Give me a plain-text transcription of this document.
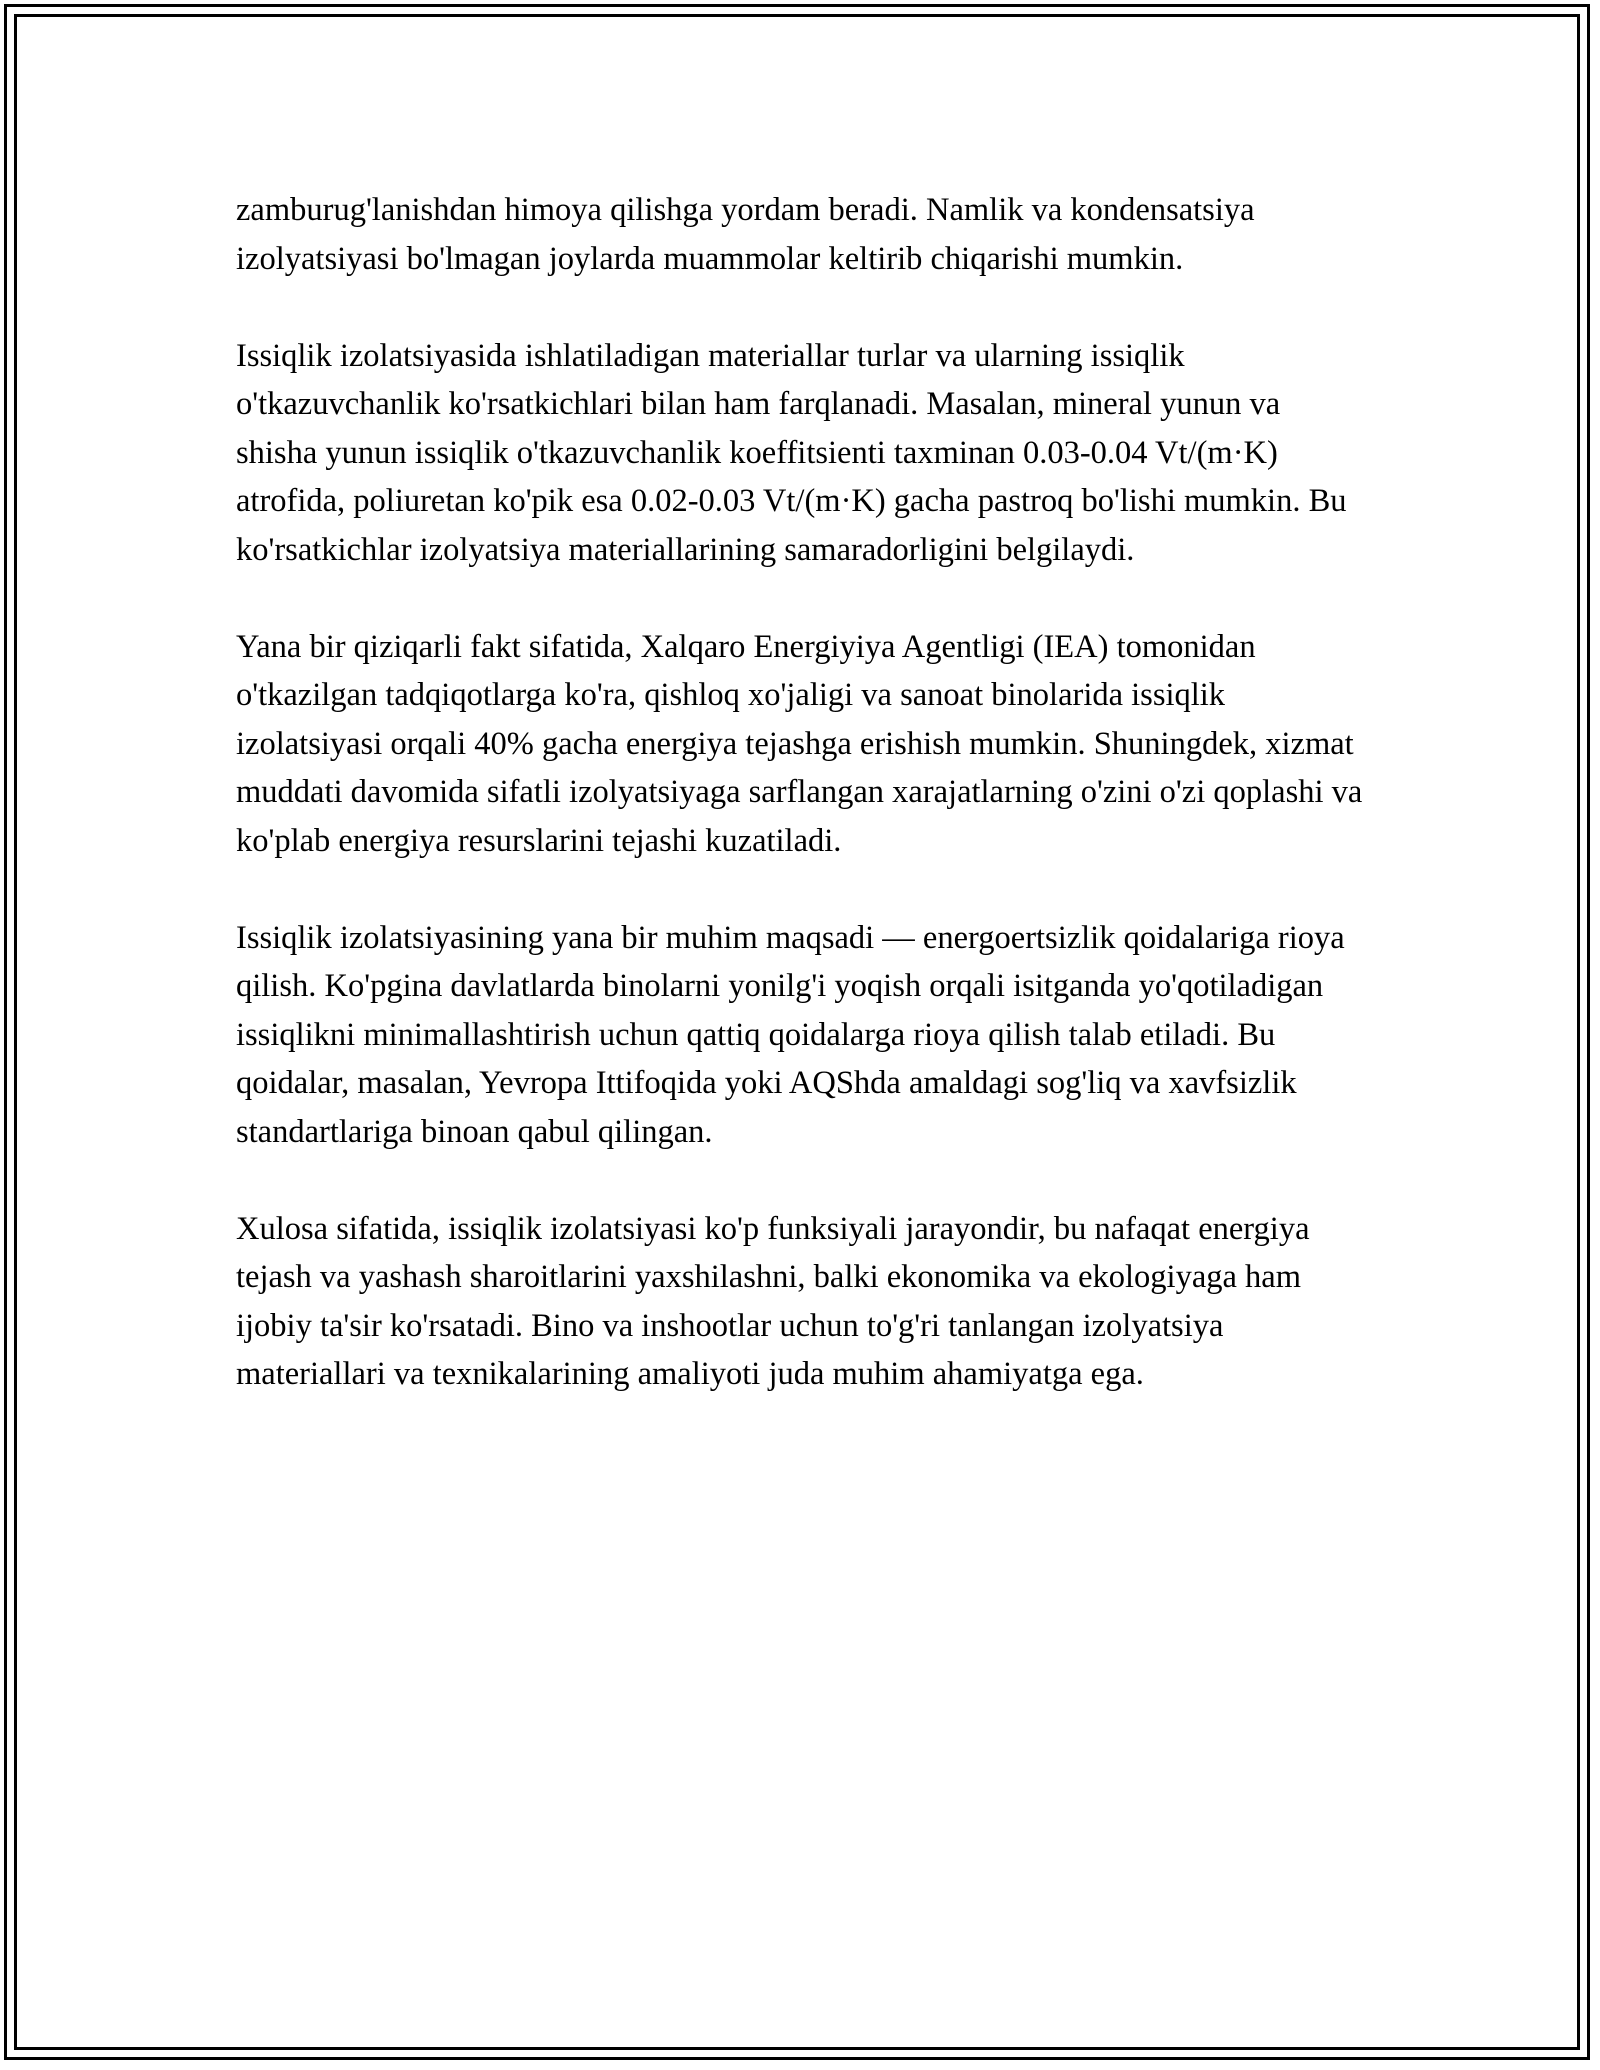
zamburug'lanishdan himoya qilishga yordam beradi. Namlik va kondensatsiya izolyatsiyasi bo'lmagan joylarda muammolar keltirib chiqarishi mumkin.

Issiqlik izolatsiyasida ishlatiladigan materiallar turlar va ularning issiqlik o'tkazuvchanlik ko'rsatkichlari bilan ham farqlanadi. Masalan, mineral yunun va shisha yunun issiqlik o'tkazuvchanlik koeffitsienti taxminan 0.03-0.04 Vt/(m·K) atrofida, poliuretan ko'pik esa 0.02-0.03 Vt/(m·K) gacha pastroq bo'lishi mumkin. Bu ko'rsatkichlar izolyatsiya materiallarining samaradorligini belgilaydi.

Yana bir qiziqarli fakt sifatida, Xalqaro Energiyiya Agentligi (IEA) tomonidan o'tkazilgan tadqiqotlarga ko'ra, qishloq xo'jaligi va sanoat binolarida issiqlik izolatsiyasi orqali 40% gacha energiya tejashga erishish mumkin. Shuningdek, xizmat muddati davomida sifatli izolyatsiyaga sarflangan xarajatlarning o'zini o'zi qoplashi va ko'plab energiya resurslarini tejashi kuzatiladi.

Issiqlik izolatsiyasining yana bir muhim maqsadi — energoertsizlik qoidalariga rioya qilish. Ko'pgina davlatlarda binolarni yonilg'i yoqish orqali isitganda yo'qotiladigan issiqlikni minimallashtirish uchun qattiq qoidalarga rioya qilish talab etiladi. Bu qoidalar, masalan, Yevropa Ittifoqida yoki AQShda amaldagi sog'liq va xavfsizlik standartlariga binoan qabul qilingan.

Xulosa sifatida, issiqlik izolatsiyasi ko'p funksiyali jarayondir, bu nafaqat energiya tejash va yashash sharoitlarini yaxshilashni, balki ekonomika va ekologiyaga ham ijobiy ta'sir ko'rsatadi. Bino va inshootlar uchun to'g'ri tanlangan izolyatsiya materiallari va texnikalarining amaliyoti juda muhim ahamiyatga ega.
